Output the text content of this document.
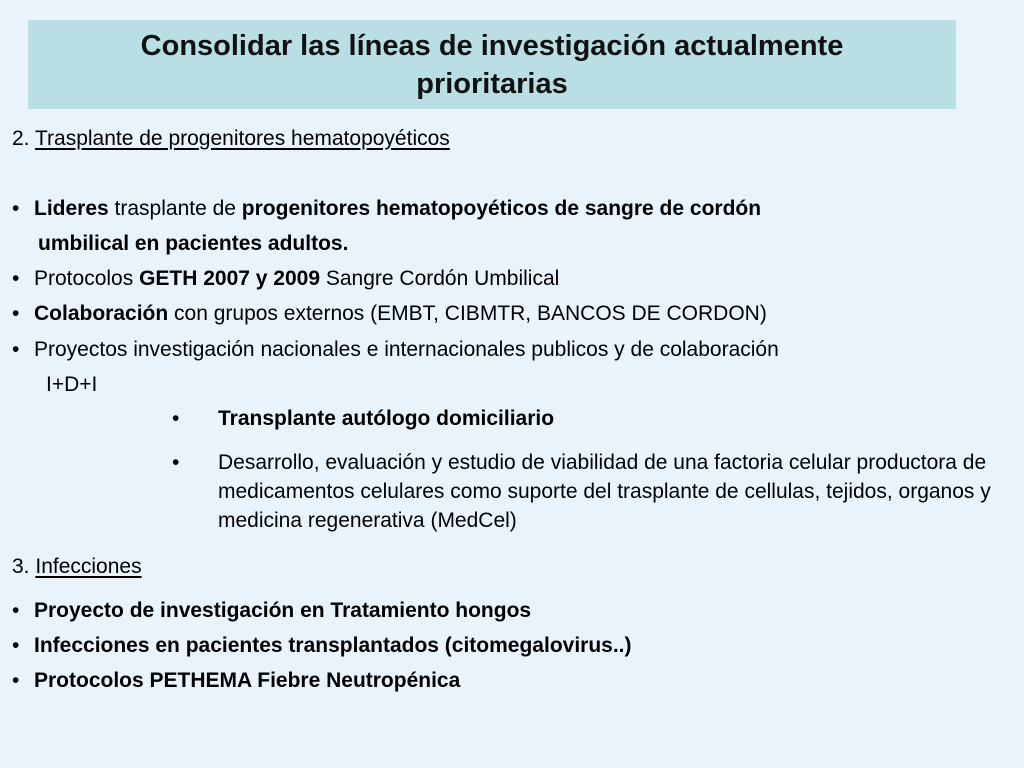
Consolidar las líneas de investigación actualmente
prioritarias
2. Trasplante de progenitores hematopoyéticos
• Lideres trasplante de progenitores hematopoyéticos de sangre de cordón
umbilical en pacientes adultos.
• Protocolos GETH 2007 y 2009 Sangre Cordón Umbilical
• Colaboración con grupos externos (EMBT, CIBMTR, BANCOS DE CORDON)
• Proyectos investigación nacionales e internacionales publicos y de colaboración
I+D+I
• Transplante autólogo domiciliario
• Desarrollo, evaluación y estudio de viabilidad de una factoria celular productora de medicamentos celulares como suporte del trasplante de cellulas, tejidos, organos y medicina regenerativa (MedCel)
3. Infecciones
• Proyecto de investigación en Tratamiento hongos
• Infecciones en pacientes transplantados (citomegalovirus..)
• Protocolos PETHEMA Fiebre Neutropénica
